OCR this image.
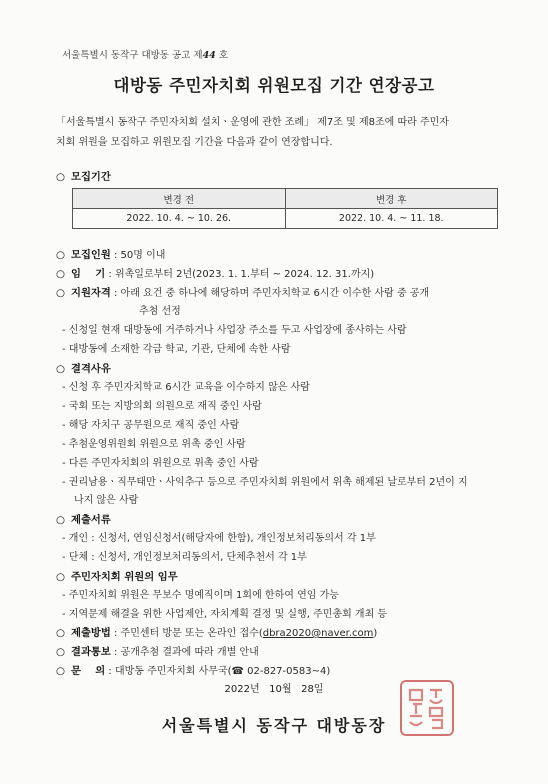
서울특별시 동작구 대방동 공고 제44 호
대방동 주민자치회 위원모집 기간 연장공고
「서울특별시 동작구 주민자치회 설치ㆍ운영에 관한 조례」 제7조 및 제8조에 따라 주민자
치회 위원을 모집하고 위원모집 기간을 다음과 같이 연장합니다.
○ 모집기간
변경 전	변경 후
2022. 10. 4. ~ 10. 26.	2022. 10. 4. ~ 11. 18.
○ 모집인원 : 50명 이내
○ 임    기 : 위촉일로부터 2년(2023. 1. 1.부터 ~ 2024. 12. 31.까지)
○ 지원자격 : 아래 요건 중 하나에 해당하며 주민자치학교 6시간 이수한 사람 중 공개
추첨 선정
- 신청일 현재 대방동에 거주하거나 사업장 주소를 두고 사업장에 종사하는 사람
- 대방동에 소재한 각급 학교, 기관, 단체에 속한 사람
○ 결격사유
- 신청 후 주민자치학교 6시간 교육을 이수하지 않은 사람
- 국회 또는 지방의회 의원으로 재직 중인 사람
- 해당 자치구 공무원으로 재직 중인 사람
- 추첨운영위원회 위원으로 위촉 중인 사람
- 다른 주민자치회의 위원으로 위촉 중인 사람
- 권리남용ㆍ직무태만ㆍ사익추구 등으로 주민자치회 위원에서 위촉 해제된 날로부터 2년이 지
나지 않은 사람
○ 제출서류
- 개인 : 신청서, 연임신청서(해당자에 한함), 개인정보처리동의서 각 1부
- 단체 : 신청서, 개인정보처리동의서, 단체추천서 각 1부
○ 주민자치회 위원의 임무
- 주민자치회 위원은 무보수 명예직이며 1회에 한하여 연임 가능
- 지역문제 해결을 위한 사업제안, 자치계획 결정 및 실행, 주민총회 개최 등
○ 제출방법 : 주민센터 방문 또는 온라인 접수(dbra2020@naver.com)
○ 결과통보 : 공개추첨 결과에 따라 개별 안내
○ 문    의 : 대방동 주민자치회 사무국(☎ 02-827-0583~4)
2022년   10월   28일
서울특별시 동작구 대방동장
